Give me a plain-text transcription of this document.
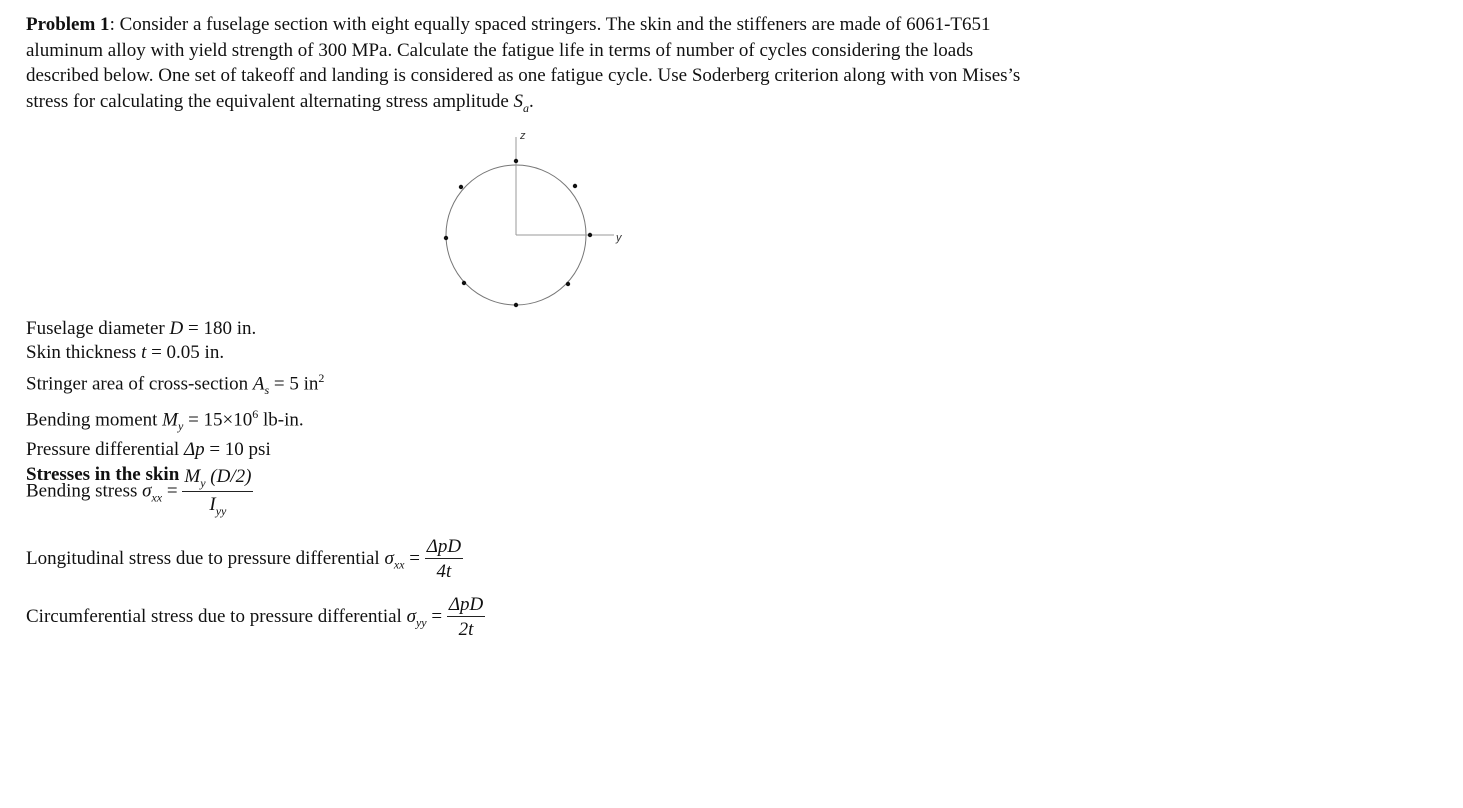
Problem 1: Consider a fuselage section with eight equally spaced stringers. The skin and the stiffeners are made of 6061-T651 aluminum alloy with yield strength of 300 MPa. Calculate the fatigue life in terms of number of cycles considering the loads described below. One set of takeoff and landing is considered as one fatigue cycle. Use Soderberg criterion along with von Mises’s stress for calculating the equivalent alternating stress amplitude $S_a$.
z
y
Fuselage diameter D = 180 in.
Skin thickness t = 0.05 in.
Stringer area of cross-section $A_s = 5$ $in^2$
Bending moment $M_y = 15\times 10^6$ lb-in.
Pressure differential Δp = 10 psi
Stresses in the skin
Bending stress $\sigma_{xx} = \frac{M_y (D/2)}{I_{yy}}$
Longitudinal stress due to pressure differential $\sigma_{xx} = \frac{\text{ΔpD}}{4t}$
Circumferential stress due to pressure differential $\sigma_{yy} = \frac{\text{ΔpD}}{2t}$
